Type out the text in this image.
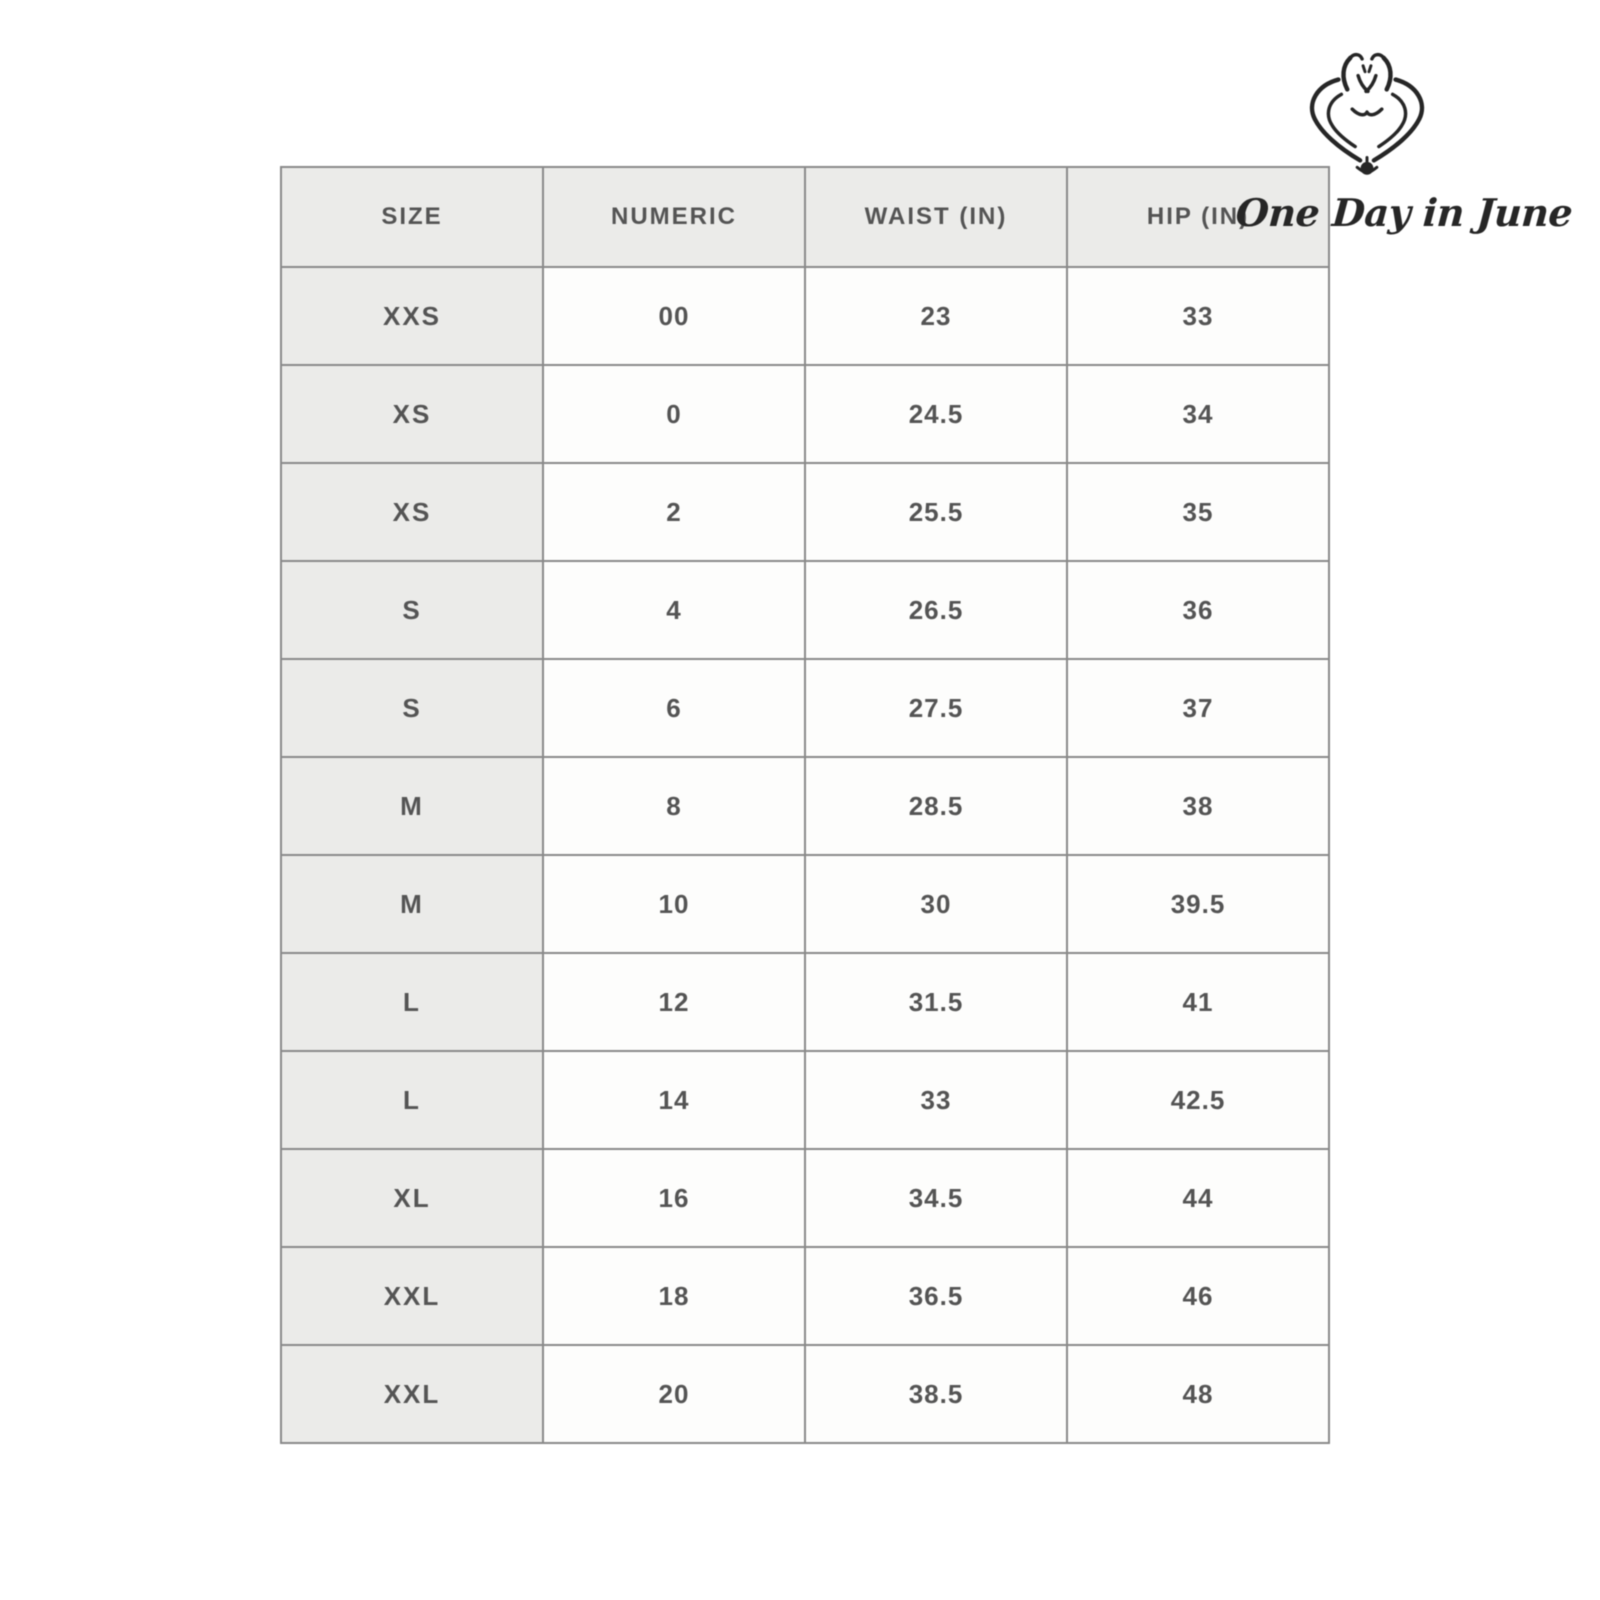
SIZE	NUMERIC	WAIST (IN)	HIP (IN)
XXS	00	23	33
XS	0	24.5	34
XS	2	25.5	35
S	4	26.5	36
S	6	27.5	37
M	8	28.5	38
M	10	30	39.5
L	12	31.5	41
L	14	33	42.5
XL	16	34.5	44
XXL	18	36.5	46
XXL	20	38.5	48
One Day in June
